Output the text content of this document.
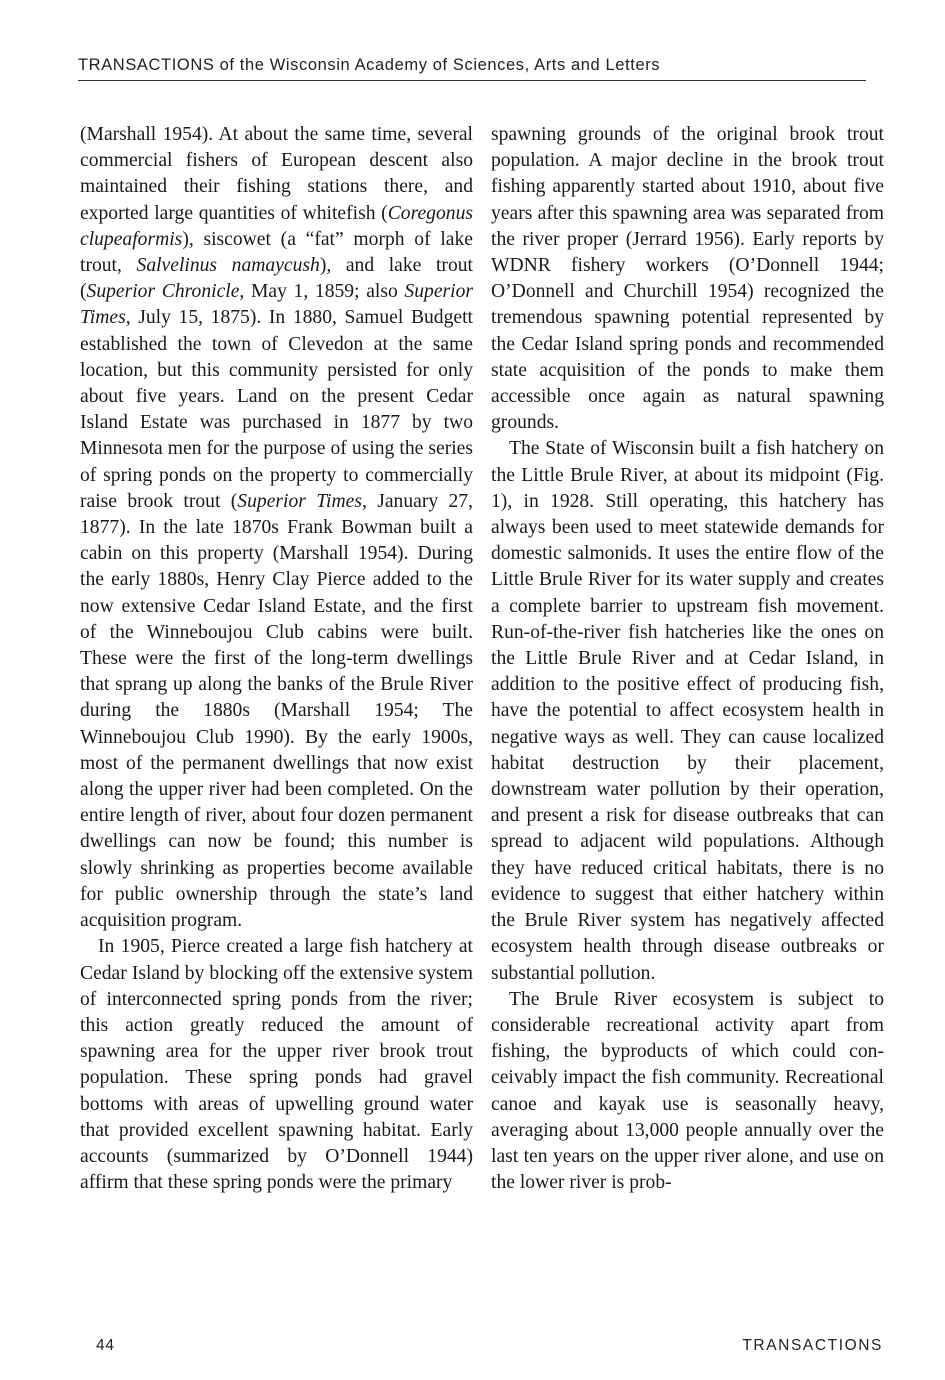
TRANSACTIONS of the Wisconsin Academy of Sciences, Arts and Letters

(Marshall 1954). At about the same time, several commercial fishers of European descent also maintained their fishing stations there, and exported large quantities of whitefish (Coregonus clupeaformis), siscowet (a “fat” morph of lake trout, Salvelinus namaycush), and lake trout (Superior Chronicle, May 1, 1859; also Superior Times, July 15, 1875). In 1880, Samuel Budgett established the town of Clevedon at the same location, but this community persisted for only about five years. Land on the present Cedar Island Estate was purchased in 1877 by two Minnesota men for the purpose of using the series of spring ponds on the property to commercially raise brook trout (Superior Times, January 27, 1877). In the late 1870s Frank Bowman built a cabin on this property (Marshall 1954). During the early 1880s, Henry Clay Pierce added to the now extensive Cedar Island Estate, and the first of the Winneboujou Club cabins were built. These were the first of the long-term dwellings that sprang up along the banks of the Brule River during the 1880s (Marshall 1954; The Winneboujou Club 1990). By the early 1900s, most of the permanent dwellings that now exist along the upper river had been completed. On the entire length of river, about four dozen permanent dwellings can now be found; this number is slowly shrinking as properties become available for public ownership through the state’s land acquisition program.

In 1905, Pierce created a large fish hatchery at Cedar Island by blocking off the extensive system of interconnected spring ponds from the river; this action greatly reduced the amount of spawning area for the upper river brook trout population. These spring ponds had gravel bottoms with areas of upwelling ground water that provided excellent spawning habitat. Early accounts (summarized by O’Donnell 1944) affirm that these spring ponds were the primary

spawning grounds of the original brook trout population. A major decline in the brook trout fishing apparently started about 1910, about five years after this spawning area was separated from the river proper (Jerrard 1956). Early reports by WDNR fishery workers (O’Donnell 1944; O’Donnell and Churchill 1954) recognized the tremendous spawning potential represented by the Cedar Island spring ponds and recommended state acquisition of the ponds to make them accessible once again as natural spawning grounds.

The State of Wisconsin built a fish hatchery on the Little Brule River, at about its midpoint (Fig. 1), in 1928. Still operating, this hatchery has always been used to meet statewide demands for domestic salmonids. It uses the entire flow of the Little Brule River for its water supply and creates a complete barrier to upstream fish movement. Run-of-the-river fish hatcheries like the ones on the Little Brule River and at Cedar Island, in addition to the positive effect of producing fish, have the potential to affect ecosystem health in negative ways as well. They can cause localized habitat destruction by their placement, downstream water pollution by their operation, and present a risk for disease outbreaks that can spread to adjacent wild populations. Although they have reduced critical habitats, there is no evidence to suggest that either hatchery within the Brule River system has negatively affected ecosystem health through disease outbreaks or substantial pollution.

The Brule River ecosystem is subject to considerable recreational activity apart from fishing, the byproducts of which could conceivably impact the fish community. Recreational canoe and kayak use is seasonally heavy, averaging about 13,000 people annually over the last ten years on the upper river alone, and use on the lower river is prob-

44	TRANSACTIONS
